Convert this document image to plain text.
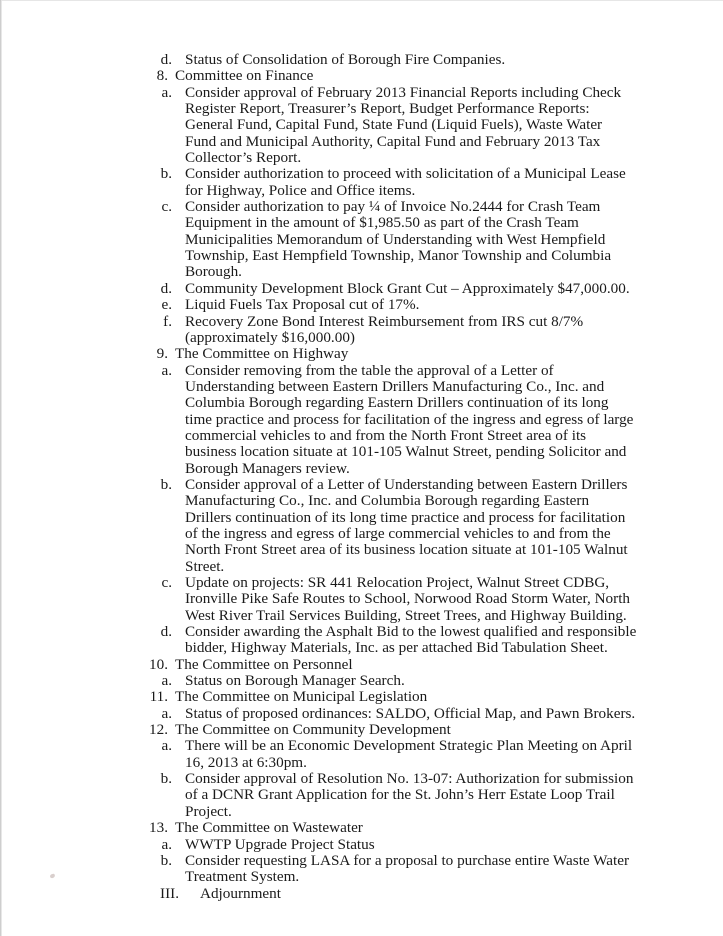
d. Status of Consolidation of Borough Fire Companies.
8. Committee on Finance
a. Consider approval of February 2013 Financial Reports including Check Register Report, Treasurer’s Report, Budget Performance Reports: General Fund, Capital Fund, State Fund (Liquid Fuels), Waste Water Fund and Municipal Authority, Capital Fund and February 2013 Tax Collector’s Report.
b. Consider authorization to proceed with solicitation of a Municipal Lease for Highway, Police and Office items.
c. Consider authorization to pay ¼ of Invoice No.2444 for Crash Team Equipment in the amount of $1,985.50 as part of the Crash Team Municipalities Memorandum of Understanding with West Hempfield Township, East Hempfield Township, Manor Township and Columbia Borough.
d. Community Development Block Grant Cut – Approximately $47,000.00.
e. Liquid Fuels Tax Proposal cut of 17%.
f. Recovery Zone Bond Interest Reimbursement from IRS cut 8/7% (approximately $16,000.00)
9. The Committee on Highway
a. Consider removing from the table the approval of a Letter of Understanding between Eastern Drillers Manufacturing Co., Inc. and Columbia Borough regarding Eastern Drillers continuation of its long time practice and process for facilitation of the ingress and egress of large commercial vehicles to and from the North Front Street area of its business location situate at 101-105 Walnut Street, pending Solicitor and Borough Managers review.
b. Consider approval of a Letter of Understanding between Eastern Drillers Manufacturing Co., Inc. and Columbia Borough regarding Eastern Drillers continuation of its long time practice and process for facilitation of the ingress and egress of large commercial vehicles to and from the North Front Street area of its business location situate at 101-105 Walnut Street.
c. Update on projects: SR 441 Relocation Project, Walnut Street CDBG, Ironville Pike Safe Routes to School, Norwood Road Storm Water, North West River Trail Services Building, Street Trees, and Highway Building.
d. Consider awarding the Asphalt Bid to the lowest qualified and responsible bidder, Highway Materials, Inc. as per attached Bid Tabulation Sheet.
10. The Committee on Personnel
a. Status on Borough Manager Search.
11. The Committee on Municipal Legislation
a. Status of proposed ordinances: SALDO, Official Map, and Pawn Brokers.
12. The Committee on Community Development
a. There will be an Economic Development Strategic Plan Meeting on April 16, 2013 at 6:30pm.
b. Consider approval of Resolution No. 13-07: Authorization for submission of a DCNR Grant Application for the St. John’s Herr Estate Loop Trail Project.
13. The Committee on Wastewater
a. WWTP Upgrade Project Status
b. Consider requesting LASA for a proposal to purchase entire Waste Water Treatment System.
III.	Adjournment
